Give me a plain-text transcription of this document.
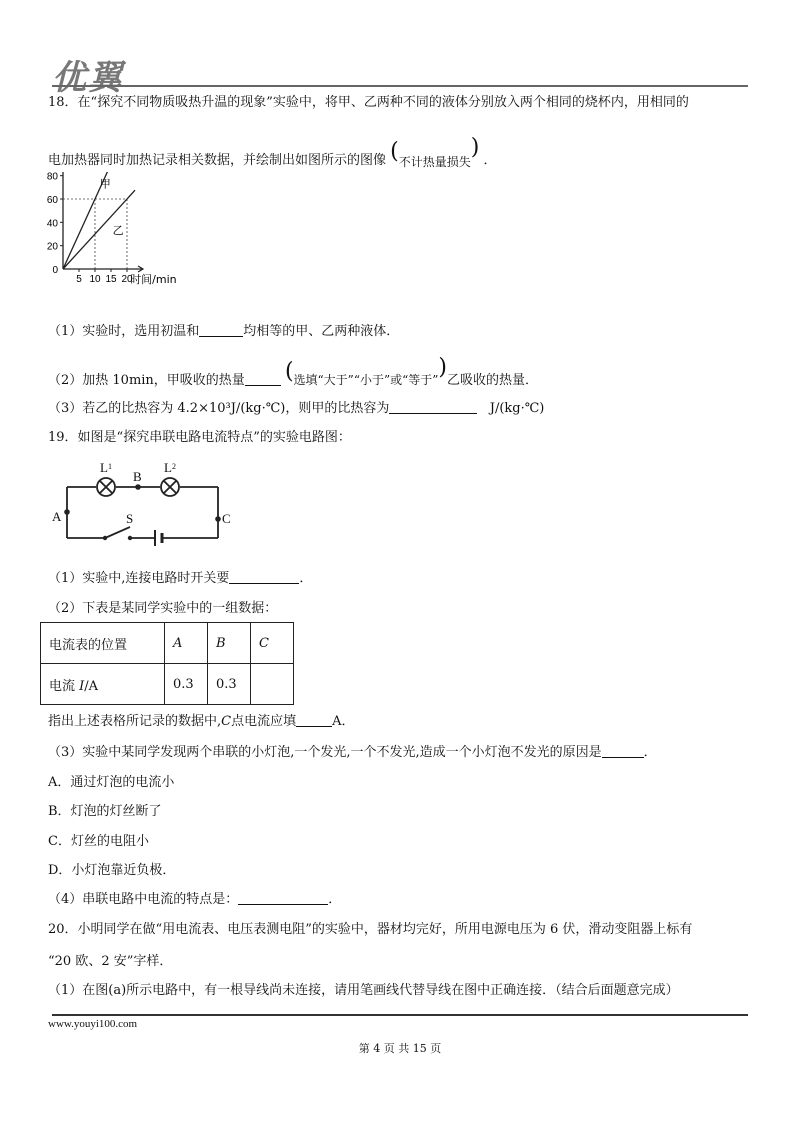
优翼
18．在“探究不同物质吸热升温的现象”实验中，将甲、乙两种不同的液体分别放入两个相同的烧杯内，用相同的
电加热器同时加热记录相关数据，并绘制出如图所示的图像 (不计热量损失) ．
20
40
60
80
0
5 10 15 20
甲
乙
时间/min
（1）实验时，选用初温和	均相等的甲、乙两种液体．
（2）加热 10min，甲吸收的热量 (选填“大于”“小于”或“等于”)乙吸收的热量．
（3）若乙的比热容为 4.2×10³J/(kg·℃)，则甲的比热容为	J/(kg·℃)
19．如图是“探究串联电路电流特点”的实验电路图：
$L^1$	$L^2$
B
A	C
S
（1）实验中,连接电路时开关要	．
（2）下表是某同学实验中的一组数据：
电流表的位置	A	B	C
电流 I/A	0.3	0.3	
指出上述表格所记录的数据中,C点电流应填	A．
（3）实验中某同学发现两个串联的小灯泡,一个发光,一个不发光,造成一个小灯泡不发光的原因是	．
A．通过灯泡的电流小
B．灯泡的灯丝断了
C．灯丝的电阻小
D．小灯泡靠近负极．
（4）串联电路中电流的特点是：	．
20．小明同学在做“用电流表、电压表测电阻”的实验中，器材均完好，所用电源电压为 6 伏，滑动变阻器上标有
“20 欧、2 安”字样．
（1）在图(a)所示电路中，有一根导线尚未连接，请用笔画线代替导线在图中正确连接．（结合后面题意完成）
www.youyi100.com
第 4 页 共 15 页
